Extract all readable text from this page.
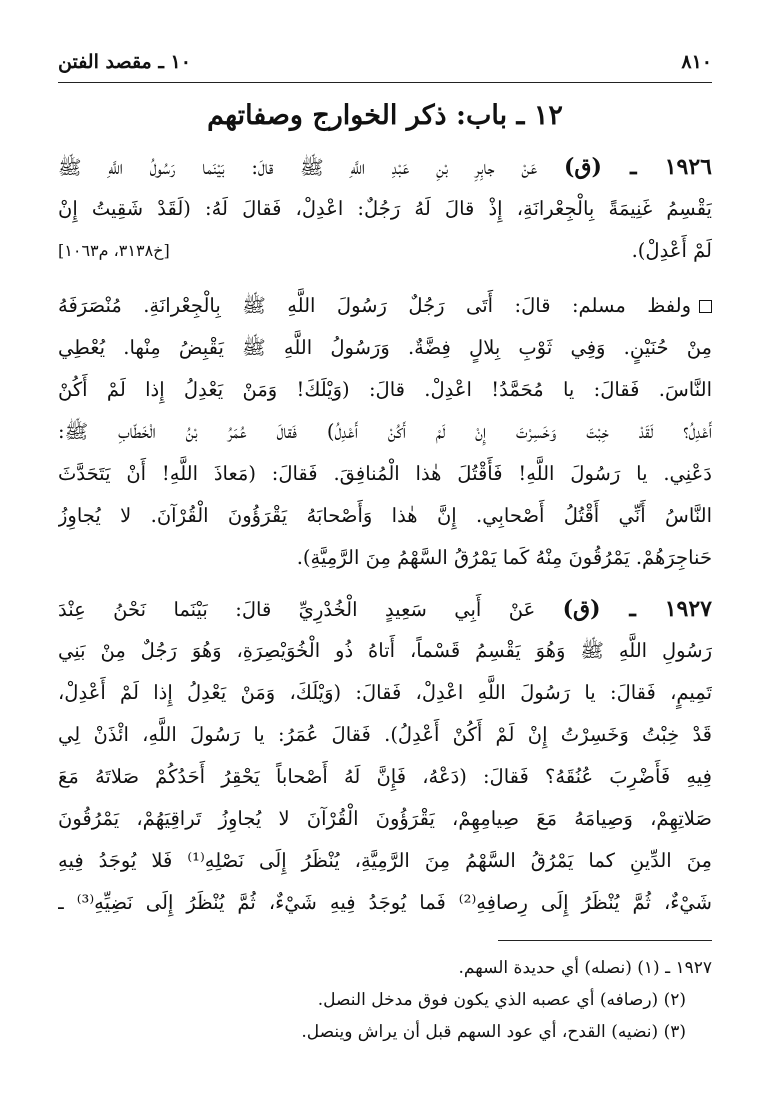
٨١٠
١٠ ـ مقصد الفتن
١٢ ـ باب: ذكر الخوارج وصفاتهم
١٩٢٦ ـ (ق) عَنْ جابِرِ بْنِ عَبْدِ اللَّهِ ﷺ قالَ: بَيْنَما رَسُولُ اللَّهِ ﷺ
يَقْسِمُ غَنِيمَةً بِالْجِعْرانَةِ، إِذْ قالَ لَهُ رَجُلٌ: اعْدِلْ، فَقالَ لَهُ: (لَقَدْ شَقِيتُ إِنْ
لَمْ أَعْدِلْ).
[خ٣١٣٨، م١٠٦٣]
ولفظ مسلم: قالَ: أَتَى رَجُلٌ رَسُولَ اللَّهِ ﷺ بِالْجِعْرانَةِ. مُنْصَرَفَهُ
مِنْ حُنَيْنٍ. وَفِي ثَوْبِ بِلالٍ فِضَّةٌ. وَرَسُولُ اللَّهِ ﷺ يَقْبِضُ مِنْها. يُعْطِي
النَّاسَ. فَقالَ: يا مُحَمَّدُ! اعْدِلْ. قالَ: (وَيْلَكَ! وَمَنْ يَعْدِلُ إِذا لَمْ أَكُنْ
أَعْدِلُ؟ لَقَدْ خِبْتَ وَخَسِرْتَ إِنْ لَمْ أَكُنْ أَعْدِلُ) فَقالَ عُمَرُ بْنُ الْخَطّابِ ﷺ:
دَعْنِي. يا رَسُولَ اللَّهِ! فَأَقْتُلَ هٰذا الْمُنافِقَ. فَقالَ: (مَعاذَ اللَّهِ! أَنْ يَتَحَدَّثَ
النَّاسُ أَنِّي أَقْتُلُ أَصْحابِي. إِنَّ هٰذا وَأَصْحابَهُ يَقْرَؤُونَ الْقُرْآنَ. لا يُجاوِزُ
حَناجِرَهُمْ. يَمْرُقُونَ مِنْهُ كَما يَمْرُقُ السَّهْمُ مِنَ الرَّمِيَّةِ).
١٩٢٧ ـ (ق) عَنْ أَبِي سَعِيدٍ الْخُدْرِيِّ قالَ: بَيْنَما نَحْنُ عِنْدَ
رَسُولِ اللَّهِ ﷺ وَهُوَ يَقْسِمُ قَسْماً، أَتاهُ ذُو الْخُوَيْصِرَةِ، وَهُوَ رَجُلٌ مِنْ بَنِي
تَمِيمٍ، فَقالَ: يا رَسُولَ اللَّهِ اعْدِلْ، فَقالَ: (وَيْلَكَ، وَمَنْ يَعْدِلُ إِذا لَمْ أَعْدِلْ،
قَدْ خِبْتُ وَخَسِرْتُ إِنْ لَمْ أَكُنْ أَعْدِلُ). فَقالَ عُمَرُ: يا رَسُولَ اللَّهِ، ائْذَنْ لِي
فِيهِ فَأَضْرِبَ عُنُقَهُ؟ فَقالَ: (دَعْهُ، فَإِنَّ لَهُ أَصْحاباً يَحْقِرُ أَحَدُكُمْ صَلاتَهُ مَعَ
صَلاتِهِمْ، وَصِيامَهُ مَعَ صِيامِهِمْ، يَقْرَؤُونَ الْقُرْآنَ لا يُجاوِزُ تَراقِيَهُمْ، يَمْرُقُونَ
مِنَ الدِّينِ كما يَمْرُقُ السَّهْمُ مِنَ الرَّمِيَّةِ، يُنْظَرُ إِلَى نَصْلِهِ⁽¹⁾ فَلا يُوجَدُ فِيهِ
شَيْءٌ، ثُمَّ يُنْظَرُ إِلَى رِصافِهِ⁽²⁾ فَما يُوجَدُ فِيهِ شَيْءٌ، ثُمَّ يُنْظَرُ إِلَى نَضِيِّهِ⁽³⁾ ـ
١٩٢٧ ـ (١) (نصله) أي حديدة السهم.
(٢) (رصافه) أي عصبه الذي يكون فوق مدخل النصل.
(٣) (نضيه) القدح، أي عود السهم قبل أن يراش وينصل.
